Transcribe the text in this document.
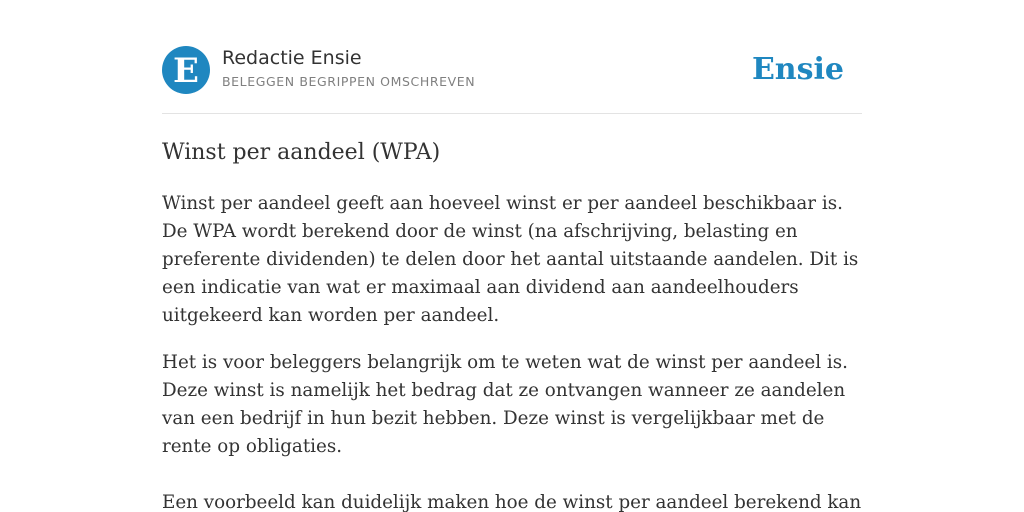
E Redactie Ensie
BELEGGEN BEGRIPPEN OMSCHREVEN	Ensie
Winst per aandeel (WPA)

Winst per aandeel geeft aan hoeveel winst er per aandeel beschikbaar is. De WPA wordt berekend door de winst (na afschrijving, belasting en preferente dividenden) te delen door het aantal uitstaande aandelen. Dit is een indicatie van wat er maximaal aan dividend aan aandeelhouders uitgekeerd kan worden per aandeel.

Het is voor beleggers belangrijk om te weten wat de winst per aandeel is. Deze winst is namelijk het bedrag dat ze ontvangen wanneer ze aandelen van een bedrijf in hun bezit hebben. Deze winst is vergelijkbaar met de rente op obligaties.

Een voorbeeld kan duidelijk maken hoe de winst per aandeel berekend kan
